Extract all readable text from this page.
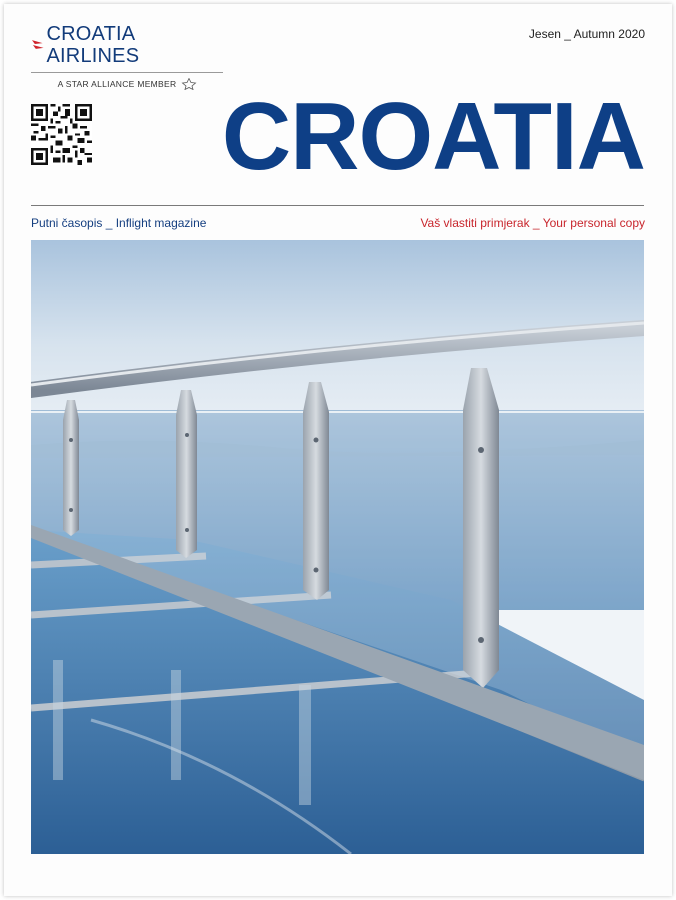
CROATIA AIRLINES
A STAR ALLIANCE MEMBER
Jesen _ Autumn 2020
CROATIA
Putni časopis _ Inflight magazine	Vaš vlastiti primjerak _ Your personal copy
